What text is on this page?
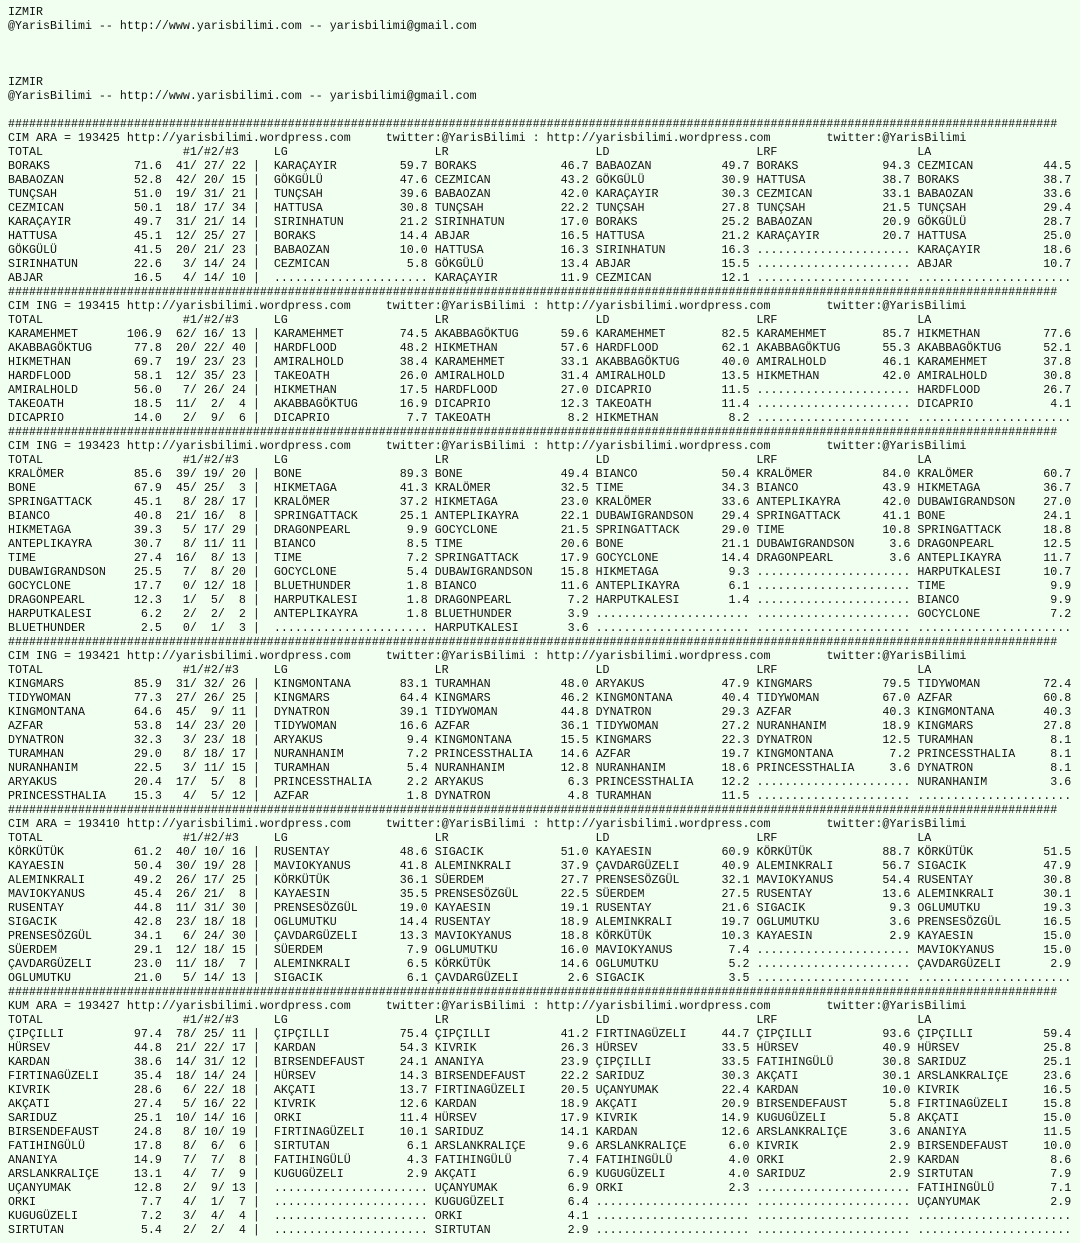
IZMIR
@YarisBilimi -- http://www.yarisbilimi.com -- yarisbilimi@gmail.com

IZMIR
@YarisBilimi -- http://www.yarisbilimi.com -- yarisbilimi@gmail.com

######################################################################################################################################################
CIM ARA = 193425 http://yarisbilimi.wordpress.com	twitter:@YarisBilimi : http://yarisbilimi.wordpress.com	twitter:@YarisBilimi
TOTAL	#1/#2/#3	LG	LR	LD	LRF	LA
BORAKS	71.6 41/ 27/ 22 | KARAÇAYIR	59.7 BORAKS	46.7 BABAOZAN	49.7 BORAKS	94.3 CEZMICAN	44.5
BABAOZAN	52.8 42/ 20/ 15 | GÖKGÜLÜ	47.6 CEZMICAN	43.2 GÖKGÜLÜ	30.9 HATTUSA	38.7 BORAKS	38.7
TUNÇSAH	51.0 19/ 31/ 21 | TUNÇSAH	39.6 BABAOZAN	42.0 KARAÇAYIR	30.3 CEZMICAN	33.1 BABAOZAN	33.6
CEZMICAN	50.1 18/ 17/ 34 | HATTUSA	30.8 TUNÇSAH	22.2 TUNÇSAH	27.8 TUNÇSAH	21.5 TUNÇSAH	29.4
KARAÇAYIR	49.7 31/ 21/ 14 | SIRINHATUN	21.2 SIRINHATUN	17.0 BORAKS	25.2 BABAOZAN	20.9 GÖKGÜLÜ	28.7
HATTUSA	45.1 12/ 25/ 27 | BORAKS	14.4 ABJAR	16.5 HATTUSA	21.2 KARAÇAYIR	20.7 HATTUSA	25.0
GÖKGÜLÜ	41.5 20/ 21/ 23 | BABAOZAN	10.0 HATTUSA	16.3 SIRINHATUN	16.3 ...................... KARAÇAYIR	18.6
SIRINHATUN	22.6 3/ 14/ 24 | CEZMICAN	5.8 GÖKGÜLÜ	13.4 ABJAR	15.5 ...................... ABJAR	10.7
ABJAR	16.5 4/ 14/ 10 | ...................... KARAÇAYIR	11.9 CEZMICAN	12.1 ...................... ......................
######################################################################################################################################################
CIM ING = 193415 http://yarisbilimi.wordpress.com	twitter:@YarisBilimi : http://yarisbilimi.wordpress.com	twitter:@YarisBilimi
TOTAL	#1/#2/#3	LG	LR	LD	LRF	LA
KARAMEHMET	106.9 62/ 16/ 13 | KARAMEHMET	74.5 AKABBAGÖKTUG	59.6 KARAMEHMET	82.5 KARAMEHMET	85.7 HIKMETHAN	77.6
AKABBAGÖKTUG	77.8 20/ 22/ 40 | HARDFLOOD	48.2 HIKMETHAN	57.6 HARDFLOOD	62.1 AKABBAGÖKTUG	55.3 AKABBAGÖKTUG	52.1
HIKMETHAN	69.7 19/ 23/ 23 | AMIRALHOLD	38.4 KARAMEHMET	33.1 AKABBAGÖKTUG	40.0 AMIRALHOLD	46.1 KARAMEHMET	37.8
HARDFLOOD	58.1 12/ 35/ 23 | TAKEOATH	26.0 AMIRALHOLD	31.4 AMIRALHOLD	13.5 HIKMETHAN	42.0 AMIRALHOLD	30.8
AMIRALHOLD	56.0 7/ 26/ 24 | HIKMETHAN	17.5 HARDFLOOD	27.0 DICAPRIO	11.5 ...................... HARDFLOOD	26.7
TAKEOATH	18.5 11/ 2/ 4 | AKABBAGÖKTUG	16.9 DICAPRIO	12.3 TAKEOATH	11.4 ...................... DICAPRIO	4.1
DICAPRIO	14.0 2/ 9/ 6 | DICAPRIO	7.7 TAKEOATH	8.2 HIKMETHAN	8.2 ...................... ......................
######################################################################################################################################################
CIM ING = 193423 http://yarisbilimi.wordpress.com	twitter:@YarisBilimi : http://yarisbilimi.wordpress.com	twitter:@YarisBilimi
TOTAL	#1/#2/#3	LG	LR	LD	LRF	LA
KRALÖMER	85.6 39/ 19/ 20 | BONE	89.3 BONE	49.4 BIANCO	50.4 KRALÖMER	84.0 KRALÖMER	60.7
BONE	67.9 45/ 25/ 3 | HIKMETAGA	41.3 KRALÖMER	32.5 TIME	34.3 BIANCO	43.9 HIKMETAGA	36.7
SPRINGATTACK	45.1 8/ 28/ 17 | KRALÖMER	37.2 HIKMETAGA	23.0 KRALÖMER	33.6 ANTEPLIKAYRA	42.0 DUBAWIGRANDSON 27.0
BIANCO	40.8 21/ 16/ 8 | SPRINGATTACK	25.1 ANTEPLIKAYRA	22.1 DUBAWIGRANDSON 29.4 SPRINGATTACK	41.1 BONE	24.1
HIKMETAGA	39.3 5/ 17/ 29 | DRAGONPEARL	9.9 GOCYCLONE	21.5 SPRINGATTACK	29.0 TIME	10.8 SPRINGATTACK	18.8
ANTEPLIKAYRA	30.7 8/ 11/ 11 | BIANCO	8.5 TIME	20.6 BONE	21.1 DUBAWIGRANDSON	3.6 DRAGONPEARL	12.5
TIME	27.4 16/ 8/ 13 | TIME	7.2 SPRINGATTACK	17.9 GOCYCLONE	14.4 DRAGONPEARL	3.6 ANTEPLIKAYRA	11.7
DUBAWIGRANDSON 25.5 7/ 8/ 20 | GOCYCLONE	5.4 DUBAWIGRANDSON 15.8 HIKMETAGA	9.3 ...................... HARPUTKALESI	10.7
GOCYCLONE	17.7 0/ 12/ 18 | BLUETHUNDER	1.8 BIANCO	11.6 ANTEPLIKAYRA	6.1 ...................... TIME	9.9
DRAGONPEARL	12.3 1/ 5/ 8 | HARPUTKALESI	1.8 DRAGONPEARL	7.2 HARPUTKALESI	1.4 ...................... BIANCO	9.9
HARPUTKALESI	6.2 2/ 2/ 2 | ANTEPLIKAYRA	1.8 BLUETHUNDER	3.9 ...................... ...................... GOCYCLONE	7.2
BLUETHUNDER	2.5 0/ 1/ 3 | ...................... HARPUTKALESI	3.6 ...................... ...................... ......................
######################################################################################################################################################
CIM ING = 193421 http://yarisbilimi.wordpress.com	twitter:@YarisBilimi : http://yarisbilimi.wordpress.com	twitter:@YarisBilimi
TOTAL	#1/#2/#3	LG	LR	LD	LRF	LA
KINGMARS	85.9 31/ 32/ 26 | KINGMONTANA	83.1 TURAMHAN	48.0 ARYAKUS	47.9 KINGMARS	79.5 TIDYWOMAN	72.4
TIDYWOMAN	77.3 27/ 26/ 25 | KINGMARS	64.4 KINGMARS	46.2 KINGMONTANA	40.4 TIDYWOMAN	67.0 AZFAR	60.8
KINGMONTANA	64.6 45/ 9/ 11 | DYNATRON	39.1 TIDYWOMAN	44.8 DYNATRON	29.3 AZFAR	40.3 KINGMONTANA	40.3
AZFAR	53.8 14/ 23/ 20 | TIDYWOMAN	16.6 AZFAR	36.1 TIDYWOMAN	27.2 NURANHANIM	18.9 KINGMARS	27.8
DYNATRON	32.3 3/ 23/ 18 | ARYAKUS	9.4 KINGMONTANA	15.5 KINGMARS	22.3 DYNATRON	12.5 TURAMHAN	8.1
TURAMHAN	29.0 8/ 18/ 17 | NURANHANIM	7.2 PRINCESSTHALIA 14.6 AZFAR	19.7 KINGMONTANA	7.2 PRINCESSTHALIA	8.1
NURANHANIM	22.5 3/ 11/ 15 | TURAMHAN	5.4 NURANHANIM	12.8 NURANHANIM	18.6 PRINCESSTHALIA	3.6 DYNATRON	8.1
ARYAKUS	20.4 17/ 5/ 8 | PRINCESSTHALIA	2.2 ARYAKUS	6.3 PRINCESSTHALIA 12.2 ...................... NURANHANIM	3.6
PRINCESSTHALIA 15.3 4/ 5/ 12 | AZFAR	1.8 DYNATRON	4.8 TURAMHAN	11.5 ...................... ......................
######################################################################################################################################################
CIM ARA = 193410 http://yarisbilimi.wordpress.com	twitter:@YarisBilimi : http://yarisbilimi.wordpress.com	twitter:@YarisBilimi
TOTAL	#1/#2/#3	LG	LR	LD	LRF	LA
KÖRKÜTÜK	61.2 40/ 10/ 16 | RUSENTAY	48.6 SIGACIK	51.0 KAYAESIN	60.9 KÖRKÜTÜK	88.7 KÖRKÜTÜK	51.5
KAYAESIN	50.4 30/ 19/ 28 | MAVIOKYANUS	41.8 ALEMINKRALI	37.9 ÇAVDARGÜZELI	40.9 ALEMINKRALI	56.7 SIGACIK	47.9
ALEMINKRALI	49.2 26/ 17/ 25 | KÖRKÜTÜK	36.1 SÜERDEM	27.7 PRENSESÖZGÜL	32.1 MAVIOKYANUS	54.4 RUSENTAY	30.8
MAVIOKYANUS	45.4 26/ 21/ 8 | KAYAESIN	35.5 PRENSESÖZGÜL	22.5 SÜERDEM	27.5 RUSENTAY	13.6 ALEMINKRALI	30.1
RUSENTAY	44.8 11/ 31/ 30 | PRENSESÖZGÜL	19.0 KAYAESIN	19.1 RUSENTAY	21.6 SIGACIK	9.3 OGLUMUTKU	19.3
SIGACIK	42.8 23/ 18/ 18 | OGLUMUTKU	14.4 RUSENTAY	18.9 ALEMINKRALI	19.7 OGLUMUTKU	3.6 PRENSESÖZGÜL	16.5
PRENSESÖZGÜL	34.1 6/ 24/ 30 | ÇAVDARGÜZELI	13.3 MAVIOKYANUS	18.8 KÖRKÜTÜK	10.3 KAYAESIN	2.9 KAYAESIN	15.0
SÜERDEM	29.1 12/ 18/ 15 | SÜERDEM	7.9 OGLUMUTKU	16.0 MAVIOKYANUS	7.4 ...................... MAVIOKYANUS	15.0
ÇAVDARGÜZELI	23.0 11/ 18/ 7 | ALEMINKRALI	6.5 KÖRKÜTÜK	14.6 OGLUMUTKU	5.2 ...................... ÇAVDARGÜZELI	2.9
OGLUMUTKU	21.0 5/ 14/ 13 | SIGACIK	6.1 ÇAVDARGÜZELI	2.6 SIGACIK	3.5 ...................... ......................
######################################################################################################################################################
KUM ARA = 193427 http://yarisbilimi.wordpress.com	twitter:@YarisBilimi : http://yarisbilimi.wordpress.com	twitter:@YarisBilimi
TOTAL	#1/#2/#3	LG	LR	LD	LRF	LA
ÇIPÇILLI	97.4 78/ 25/ 11 | ÇIPÇILLI	75.4 ÇIPÇILLI	41.2 FIRTINAGÜZELI	44.7 ÇIPÇILLI	93.6 ÇIPÇILLI	59.4
HÜRSEV	44.8 21/ 22/ 17 | KARDAN	54.3 KIVRIK	26.3 HÜRSEV	33.5 HÜRSEV	40.9 HÜRSEV	25.8
KARDAN	38.6 14/ 31/ 12 | BIRSENDEFAUST	24.1 ANANIYA	23.9 ÇIPÇILLI	33.5 FATIHINGÜLÜ	30.8 SARIDUZ	25.1
FIRTINAGÜZELI	35.4 18/ 14/ 24 | HÜRSEV	14.3 BIRSENDEFAUST	22.2 SARIDUZ	30.3 AKÇATI	30.1 ARSLANKRALIÇE	23.6
KIVRIK	28.6 6/ 22/ 18 | AKÇATI	13.7 FIRTINAGÜZELI	20.5 UÇANYUMAK	22.4 KARDAN	10.0 KIVRIK	16.5
AKÇATI	27.4 5/ 16/ 22 | KIVRIK	12.6 KARDAN	18.9 AKÇATI	20.9 BIRSENDEFAUST	5.8 FIRTINAGÜZELI	15.8
SARIDUZ	25.1 10/ 14/ 16 | ORKI	11.4 HÜRSEV	17.9 KIVRIK	14.9 KUGUGÜZELI	5.8 AKÇATI	15.0
BIRSENDEFAUST	24.8 8/ 10/ 19 | FIRTINAGÜZELI	10.1 SARIDUZ	14.1 KARDAN	12.6 ARSLANKRALIÇE	3.6 ANANIYA	11.5
FATIHINGÜLÜ	17.8 8/ 6/ 6 | SIRTUTAN	6.1 ARSLANKRALIÇE	9.6 ARSLANKRALIÇE	6.0 KIVRIK	2.9 BIRSENDEFAUST	10.0
ANANIYA	14.9 7/ 7/ 8 | FATIHINGÜLÜ	4.3 FATIHINGÜLÜ	7.4 FATIHINGÜLÜ	4.0 ORKI	2.9 KARDAN	8.6
ARSLANKRALIÇE	13.1 4/ 7/ 9 | KUGUGÜZELI	2.9 AKÇATI	6.9 KUGUGÜZELI	4.0 SARIDUZ	2.9 SIRTUTAN	7.9
UÇANYUMAK	12.8 2/ 9/ 13 | ...................... UÇANYUMAK	6.9 ORKI	2.3 ...................... FATIHINGÜLÜ	7.1
ORKI	7.7 4/ 1/ 7 | ...................... KUGUGÜZELI	6.4 ...................... ...................... UÇANYUMAK	2.9
KUGUGÜZELI	7.2 3/ 4/ 4 | ...................... ORKI	4.1 ...................... ...................... ......................
SIRTUTAN	5.4 2/ 2/ 4 | ...................... SIRTUTAN	2.9 ...................... ...................... ......................
